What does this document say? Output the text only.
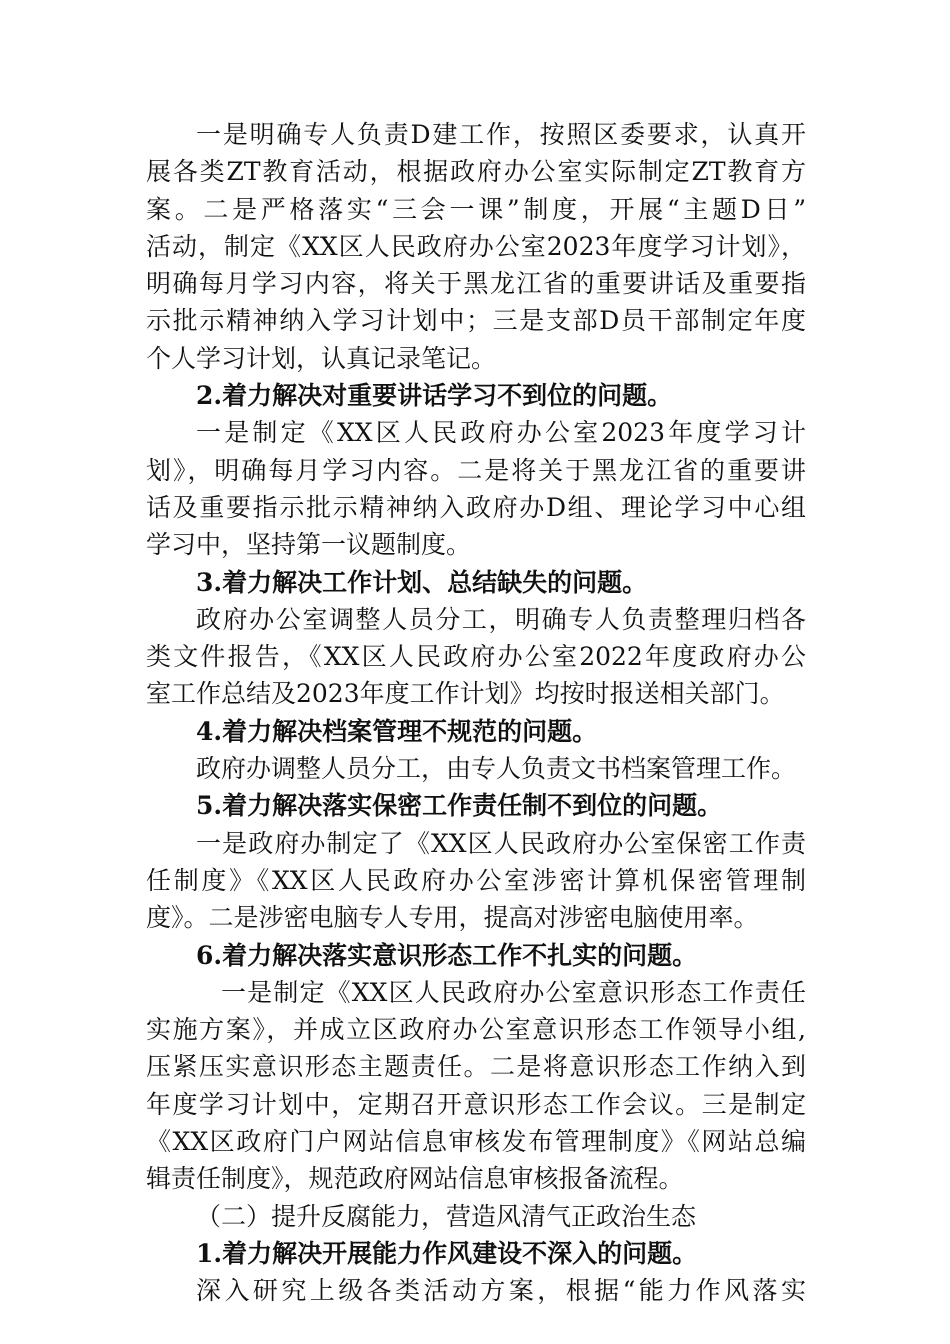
一是明确专人负责D建工作，按照区委要求，认真开
展各类ZT教育活动，根据政府办公室实际制定ZT教育方
案。二是严格落实“三会一课”制度，开展“主题D日”
活动，制定《XX区人民政府办公室2023年度学习计划》，
明确每月学习内容，将关于黑龙江省的重要讲话及重要指
示批示精神纳入学习计划中；三是支部D员干部制定年度
个人学习计划，认真记录笔记。
2.着力解决对重要讲话学习不到位的问题。
一是制定《XX区人民政府办公室2023年度学习计
划》，明确每月学习内容。二是将关于黑龙江省的重要讲
话及重要指示批示精神纳入政府办D组、理论学习中心组
学习中，坚持第一议题制度。
3.着力解决工作计划、总结缺失的问题。
政府办公室调整人员分工，明确专人负责整理归档各
类文件报告，《XX区人民政府办公室2022年度政府办公
室工作总结及2023年度工作计划》均按时报送相关部门。
4.着力解决档案管理不规范的问题。
政府办调整人员分工，由专人负责文书档案管理工作。
5.着力解决落实保密工作责任制不到位的问题。
一是政府办制定了《XX区人民政府办公室保密工作责
任制度》《XX区人民政府办公室涉密计算机保密管理制
度》。二是涉密电脑专人专用，提高对涉密电脑使用率。
6.着力解决落实意识形态工作不扎实的问题。
一是制定《XX区人民政府办公室意识形态工作责任
实施方案》，并成立区政府办公室意识形态工作领导小组,
压紧压实意识形态主题责任。二是将意识形态工作纳入到
年度学习计划中，定期召开意识形态工作会议。三是制定
《XX区政府门户网站信息审核发布管理制度》《网站总编
辑责任制度》，规范政府网站信息审核报备流程。
（二）提升反腐能力，营造风清气正政治生态
1.着力解决开展能力作风建设不深入的问题。
深入研究上级各类活动方案，根据“能力作风落实
